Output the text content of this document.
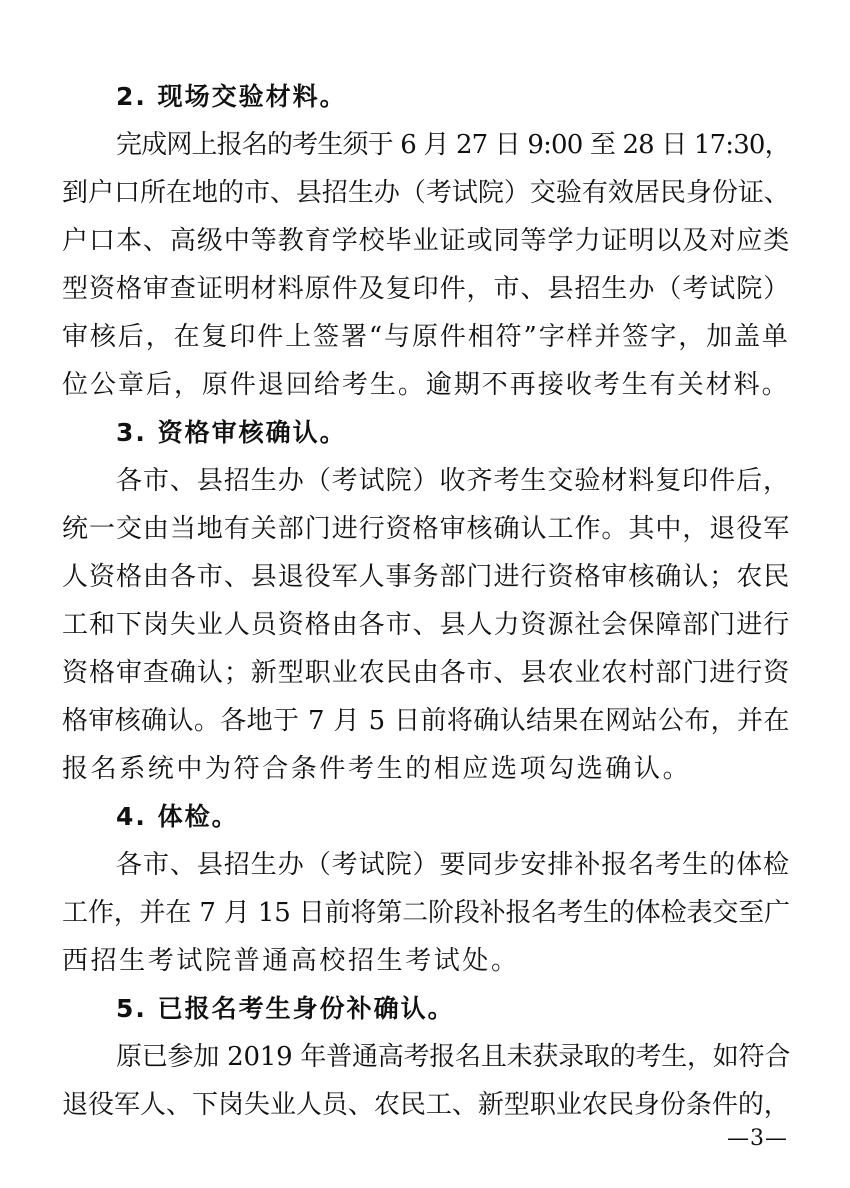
2. 现场交验材料。
完成网上报名的考生须于 6 月 27 日 9:00 至 28 日 17:30，
到户口所在地的市、县招生办（考试院）交验有效居民身份证、
户口本、高级中等教育学校毕业证或同等学力证明以及对应类
型资格审查证明材料原件及复印件，市、县招生办（考试院）
审核后，在复印件上签署“与原件相符”字样并签字，加盖单
位公章后，原件退回给考生。逾期不再接收考生有关材料。
3. 资格审核确认。
各市、县招生办（考试院）收齐考生交验材料复印件后，
统一交由当地有关部门进行资格审核确认工作。其中，退役军
人资格由各市、县退役军人事务部门进行资格审核确认；农民
工和下岗失业人员资格由各市、县人力资源社会保障部门进行
资格审查确认；新型职业农民由各市、县农业农村部门进行资
格审核确认。各地于 7 月 5 日前将确认结果在网站公布，并在
报名系统中为符合条件考生的相应选项勾选确认。
4. 体检。
各市、县招生办（考试院）要同步安排补报名考生的体检
工作，并在 7 月 15 日前将第二阶段补报名考生的体检表交至广
西招生考试院普通高校招生考试处。
5. 已报名考生身份补确认。
原已参加 2019 年普通高考报名且未获录取的考生，如符合
退役军人、下岗失业人员、农民工、新型职业农民身份条件的，
—3—
